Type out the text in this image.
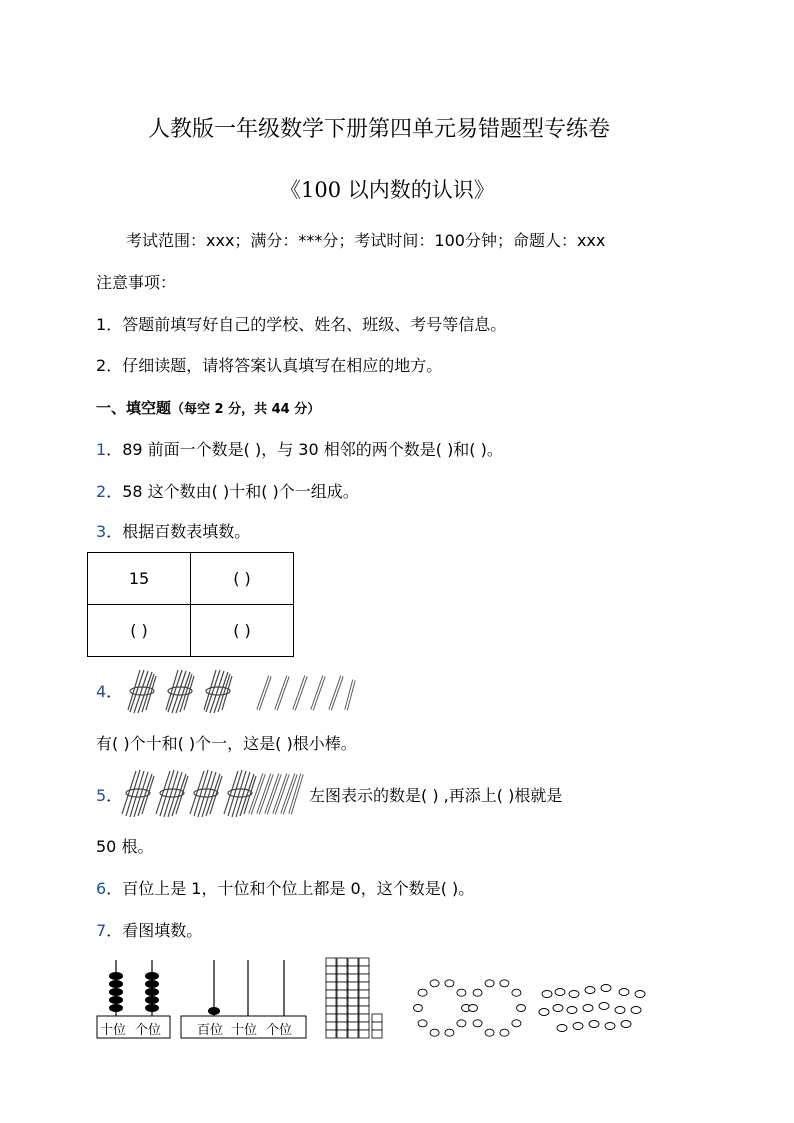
人教版一年级数学下册第四单元易错题型专练卷
《100 以内数的认识》
考试范围：xxx；满分：***分；考试时间：100分钟；命题人：xxx
注意事项：
1．答题前填写好自己的学校、姓名、班级、考号等信息。
2．仔细读题，请将答案认真填写在相应的地方。
一、填空题（每空 2 分，共 44 分）
1．89 前面一个数是( )，与 30 相邻的两个数是( )和( )。
2．58 这个数由( )十和( )个一组成。
3．根据百数表填数。
15	( )
( )	( )
4．
有( )个十和( )个一，这是( )根小棒。
5．	左图表示的数是( ) ,再添上( )根就是
50 根。
6．百位上是 1，十位和个位上都是 0，这个数是( )。
7．看图填数。
十位 个位	百位 十位 个位
